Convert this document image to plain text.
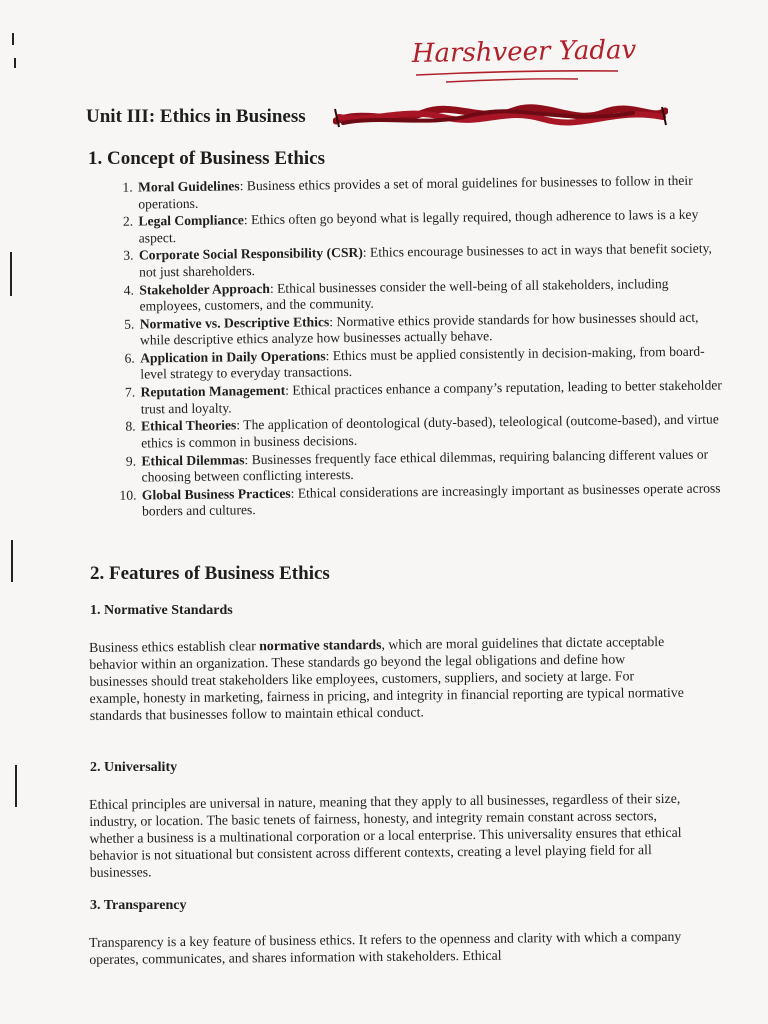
Harshveer Yadav
Unit III: Ethics in Business
1. Concept of Business Ethics
1. Moral Guidelines: Business ethics provides a set of moral guidelines for businesses to follow in their operations.
2. Legal Compliance: Ethics often go beyond what is legally required, though adherence to laws is a key aspect.
3. Corporate Social Responsibility (CSR): Ethics encourage businesses to act in ways that benefit society, not just shareholders.
4. Stakeholder Approach: Ethical businesses consider the well-being of all stakeholders, including employees, customers, and the community.
5. Normative vs. Descriptive Ethics: Normative ethics provide standards for how businesses should act, while descriptive ethics analyze how businesses actually behave.
6. Application in Daily Operations: Ethics must be applied consistently in decision-making, from board-level strategy to everyday transactions.
7. Reputation Management: Ethical practices enhance a company’s reputation, leading to better stakeholder trust and loyalty.
8. Ethical Theories: The application of deontological (duty-based), teleological (outcome-based), and virtue ethics is common in business decisions.
9. Ethical Dilemmas: Businesses frequently face ethical dilemmas, requiring balancing different values or choosing between conflicting interests.
10. Global Business Practices: Ethical considerations are increasingly important as businesses operate across borders and cultures.
2. Features of Business Ethics
1. Normative Standards

Business ethics establish clear normative standards, which are moral guidelines that dictate acceptable behavior within an organization. These standards go beyond the legal obligations and define how businesses should treat stakeholders like employees, customers, suppliers, and society at large. For example, honesty in marketing, fairness in pricing, and integrity in financial reporting are typical normative standards that businesses follow to maintain ethical conduct.

2. Universality

Ethical principles are universal in nature, meaning that they apply to all businesses, regardless of their size, industry, or location. The basic tenets of fairness, honesty, and integrity remain constant across sectors, whether a business is a multinational corporation or a local enterprise. This universality ensures that ethical behavior is not situational but consistent across different contexts, creating a level playing field for all businesses.

3. Transparency

Transparency is a key feature of business ethics. It refers to the openness and clarity with which a company operates, communicates, and shares information with stakeholders. Ethical
